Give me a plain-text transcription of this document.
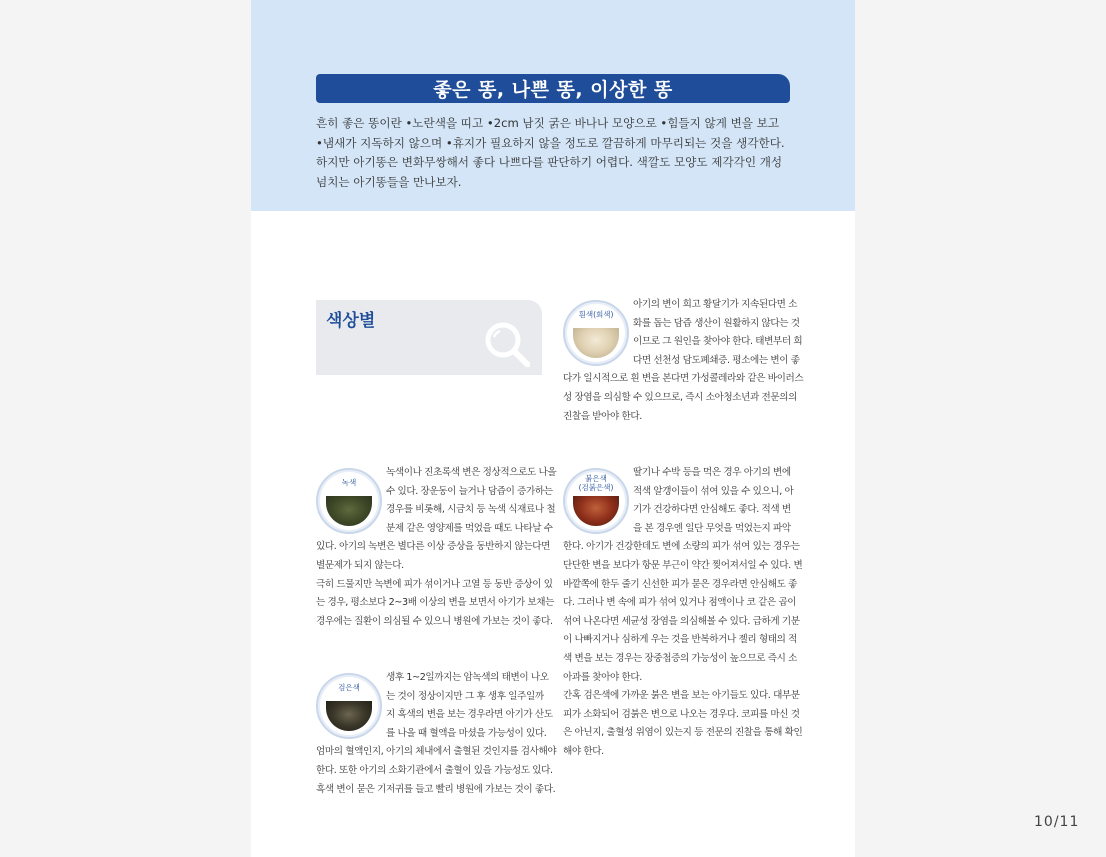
좋은 똥, 나쁜 똥, 이상한 똥

흔히 좋은 똥이란 •노란색을 띠고 •2cm 남짓 굵은 바나나 모양으로 •힘들지 않게 변을 보고

•냄새가 지독하지 않으며 •휴지가 필요하지 않을 정도로 깔끔하게 마무리되는 것을 생각한다.

하지만 아기똥은 변화무쌍해서 좋다 나쁘다를 판단하기 어렵다. 색깔도 모양도 제각각인 개성

넘치는 아기똥들을 만나보자.

색상별	흰색(회색)
아기의 변이 희고 황달기가 지속된다면 소
화를 돕는 담즙 생산이 원활하지 않다는 것
이므로 그 원인을 찾아야 한다. 태변부터 희
다면 선천성 담도폐쇄증. 평소에는 변이 좋
다가 일시적으로 흰 변을 본다면 가성콜레라와 같은 바이러스
성 장염을 의심할 수 있으므로, 즉시 소아청소년과 전문의의
진찰을 받아야 한다.
녹색
녹색이나 진초록색 변은 정상적으로도 나올
수 있다. 장운동이 늘거나 담즙이 증가하는
경우를 비롯해, 시금치 등 녹색 식재료나 철
분제 같은 영양제를 먹었을 때도 나타날 수
있다. 아기의 녹변은 별다른 이상 증상을 동반하지 않는다면
별문제가 되지 않는다.
극히 드물지만 녹변에 피가 섞이거나 고열 등 동반 증상이 있
는 경우, 평소보다 2~3배 이상의 변을 보면서 아기가 보채는
경우에는 질환이 의심될 수 있으니 병원에 가보는 것이 좋다.
붉은색
(검붉은색)
딸기나 수박 등을 먹은 경우 아기의 변에
적색 알갱이들이 섞여 있을 수 있으니, 아
기가 건강하다면 안심해도 좋다. 적색 변
을 본 경우엔 일단 무엇을 먹었는지 파악
한다. 아기가 건강한데도 변에 소량의 피가 섞여 있는 경우는
단단한 변을 보다가 항문 부근이 약간 찢어져서일 수 있다. 변
바깥쪽에 한두 줄기 신선한 피가 묻은 경우라면 안심해도 좋
다. 그러나 변 속에 피가 섞여 있거나 점액이나 코 같은 곱이
섞여 나온다면 세균성 장염을 의심해볼 수 있다. 급하게 기분
이 나빠지거나 심하게 우는 것을 반복하거나 젤리 형태의 적
색 변을 보는 경우는 장중첩증의 가능성이 높으므로 즉시 소
아과를 찾아야 한다.
간혹 검은색에 가까운 붉은 변을 보는 아기들도 있다. 대부분
피가 소화되어 검붉은 변으로 나오는 경우다. 코피를 마신 것
은 아닌지, 출혈성 위염이 있는지 등 전문의 진찰을 통해 확인
해야 한다.
검은색
생후 1~2일까지는 암녹색의 태변이 나오
는 것이 정상이지만 그 후 생후 일주일까
지 흑색의 변을 보는 경우라면 아기가 산도
를 나올 때 혈액을 마셨을 가능성이 있다.
엄마의 혈액인지, 아기의 체내에서 출혈된 것인지를 검사해야
한다. 또한 아기의 소화기관에서 출혈이 있을 가능성도 있다.
흑색 변이 묻은 기저귀를 들고 빨리 병원에 가보는 것이 좋다.
10/11
